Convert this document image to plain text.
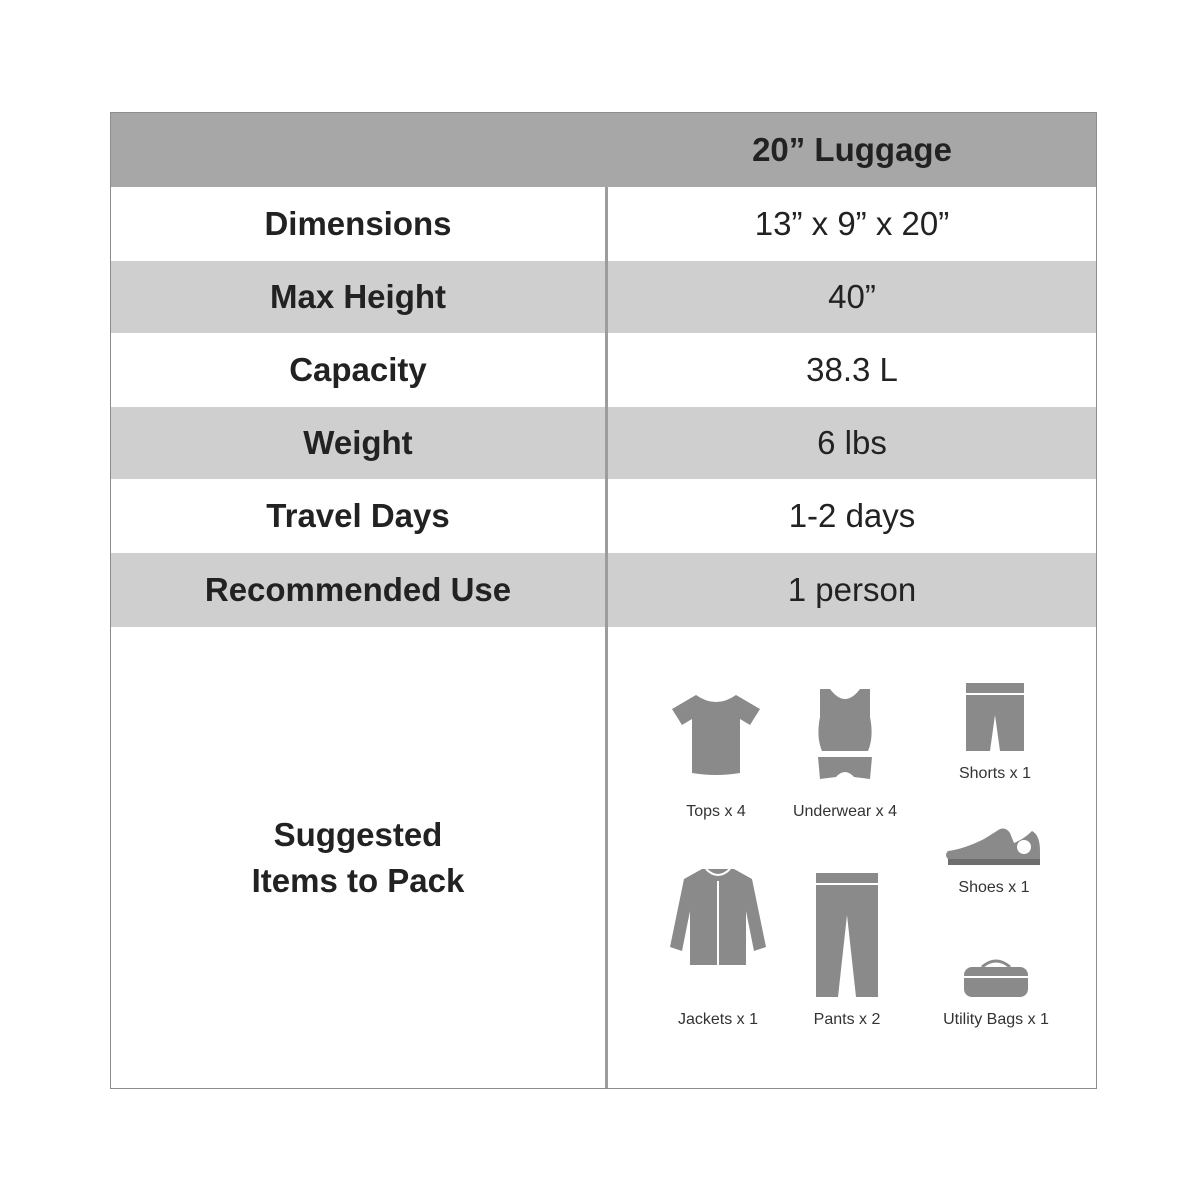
20” Luggage
Dimensions	13” x 9” x 20”
Max Height	40”
Capacity	38.3 L
Weight	6 lbs
Travel Days	1-2 days
Recommended Use	1 person
Suggested
Items to Pack
Tops x 4	Underwear x 4
Shorts x 1
Shoes x 1
Jackets x 1	Pants x 2	Utility Bags x 1
